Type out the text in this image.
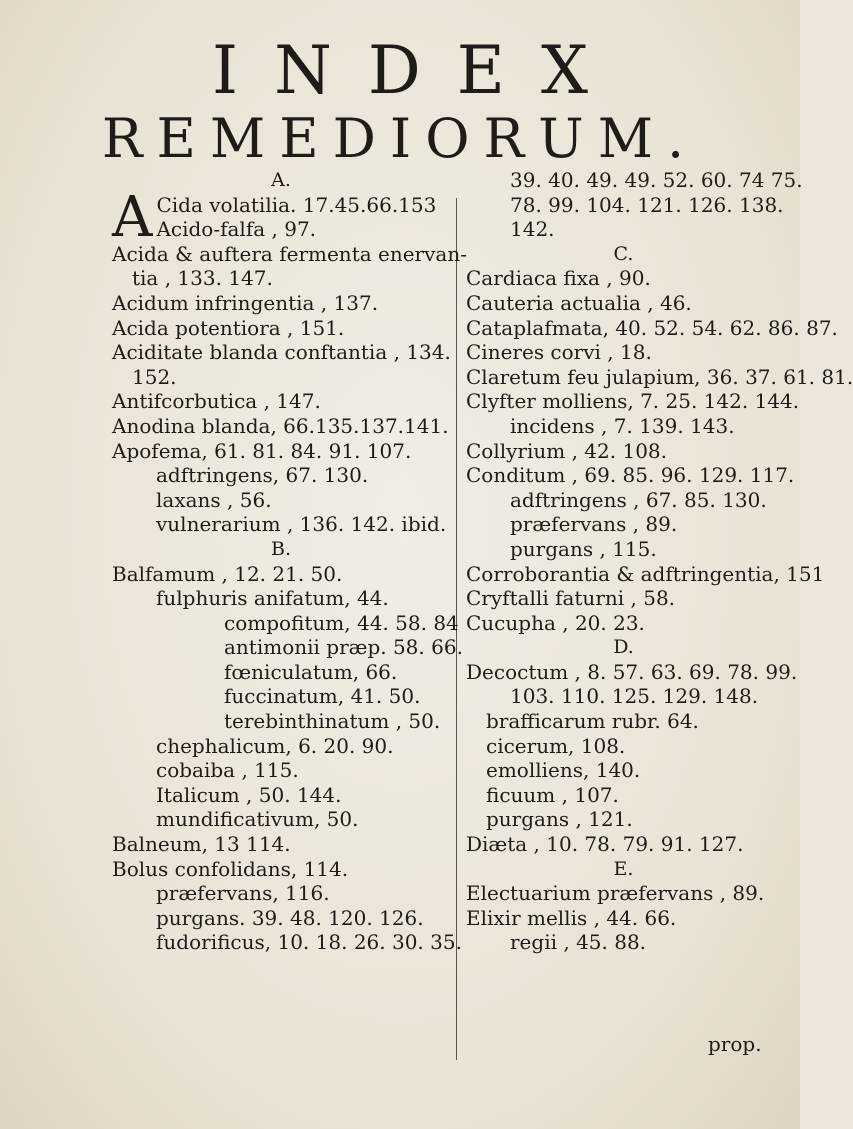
INDEX
REMEDIORUM.
A.
A Cida volatilia. 17.45.66.153
Acido-falfa , 97.
Acida & auftera fermenta enervan-
tia , 133. 147.
Acidum infringentia , 137.
Acida potentiora , 151.
Aciditate blanda conftantia , 134.
152.
Antifcorbutica , 147.
Anodina blanda, 66.135.137.141.
Apofema, 61. 81. 84. 91. 107.
adftringens, 67. 130.
laxans , 56.
vulnerarium , 136. 142. ibid.
B.
Balfamum , 12. 21. 50.
fulphuris anifatum, 44.
compofitum, 44. 58. 84
antimonii præp. 58. 66.
fœniculatum, 66.
fuccinatum, 41. 50.
terebinthinatum , 50.
chephalicum, 6. 20. 90.
cobaiba , 115.
Italicum , 50. 144.
mundificativum, 50.
Balneum, 13 114.
Bolus confolidans, 114.
præfervans, 116.
purgans. 39. 48. 120. 126.
fudorificus, 10. 18. 26. 30. 35.
39. 40. 49. 49. 52. 60. 74 75.
78. 99. 104. 121. 126. 138.
142.
C.
Cardiaca fixa , 90.
Cauteria actualia , 46.
Cataplafmata, 40. 52. 54. 62. 86. 87.
Cineres corvi , 18.
Claretum feu julapium, 36. 37. 61. 81.
Clyfter molliens, 7. 25. 142. 144.
incidens , 7. 139. 143.
Collyrium , 42. 108.
Conditum , 69. 85. 96. 129. 117.
adftringens , 67. 85. 130.
præfervans , 89.
purgans , 115.
Corroborantia & adftringentia, 151
Cryftalli faturni , 58.
Cucupha , 20. 23.
D.
Decoctum , 8. 57. 63. 69. 78. 99.
103. 110. 125. 129. 148.
brafficarum rubr. 64.
cicerum, 108.
emolliens, 140.
ficuum , 107.
purgans , 121.
Diæta , 10. 78. 79. 91. 127.
E.
Electuarium præfervans , 89.
Elixir mellis , 44. 66.
regii , 45. 88.
prop.
